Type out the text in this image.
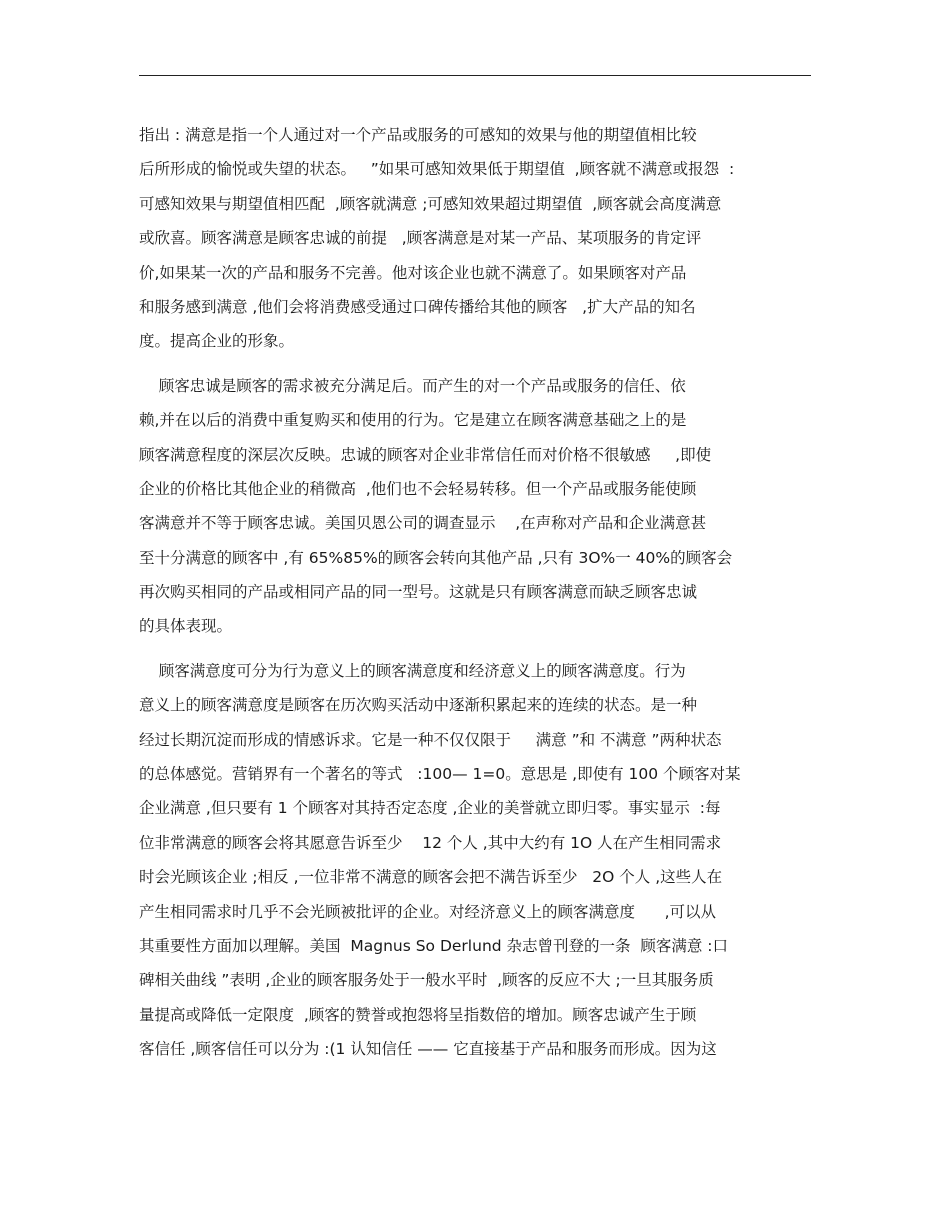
指出 : 满意是指一个人通过对一个产品或服务的可感知的效果与他的期望值相比较
后所形成的愉悦或失望的状态。   ”如果可感知效果低于期望值  ,顾客就不满意或报怨  :
可感知效果与期望值相匹配  ,顾客就满意 ;可感知效果超过期望值  ,顾客就会高度满意
或欣喜。顾客满意是顾客忠诚的前提   ,顾客满意是对某一产品、某项服务的肯定评
价,如果某一次的产品和服务不完善。他对该企业也就不满意了。如果顾客对产品
和服务感到满意 ,他们会将消费感受通过口碑传播给其他的顾客   ,扩大产品的知名
度。提高企业的形象。
顾客忠诚是顾客的需求被充分满足后。而产生的对一个产品或服务的信任、依
赖,并在以后的消费中重复购买和使用的行为。它是建立在顾客满意基础之上的是
顾客满意程度的深层次反映。忠诚的顾客对企业非常信任而对价格不很敏感     ,即使
企业的价格比其他企业的稍微高  ,他们也不会轻易转移。但一个产品或服务能使顾
客满意并不等于顾客忠诚。美国贝恩公司的调查显示    ,在声称对产品和企业满意甚
至十分满意的顾客中 ,有 65%85%的顾客会转向其他产品 ,只有 3O%一 40%的顾客会
再次购买相同的产品或相同产品的同一型号。这就是只有顾客满意而缺乏顾客忠诚
的具体表现。
顾客满意度可分为行为意义上的顾客满意度和经济意义上的顾客满意度。行为
意义上的顾客满意度是顾客在历次购买活动中逐渐积累起来的连续的状态。是一种
经过长期沉淀而形成的情感诉求。它是一种不仅仅限于     满意 ”和 不满意 ”两种状态
的总体感觉。营销界有一个著名的等式   :100— 1=0。意思是 ,即使有 100 个顾客对某
企业满意 ,但只要有 1 个顾客对其持否定态度 ,企业的美誉就立即归零。事实显示  :每
位非常满意的顾客会将其愿意告诉至少    12 个人 ,其中大约有 1O 人在产生相同需求
时会光顾该企业 ;相反 ,一位非常不满意的顾客会把不满告诉至少   2O 个人 ,这些人在
产生相同需求时几乎不会光顾被批评的企业。对经济意义上的顾客满意度      ,可以从
其重要性方面加以理解。美国  Magnus So Derlund 杂志曾刊登的一条  顾客满意 :口
碑相关曲线 ”表明 ,企业的顾客服务处于一般水平时  ,顾客的反应不大 ;一旦其服务质
量提高或降低一定限度  ,顾客的赞誉或抱怨将呈指数倍的增加。顾客忠诚产生于顾
客信任 ,顾客信任可以分为 :(1 认知信任 —— 它直接基于产品和服务而形成。因为这
